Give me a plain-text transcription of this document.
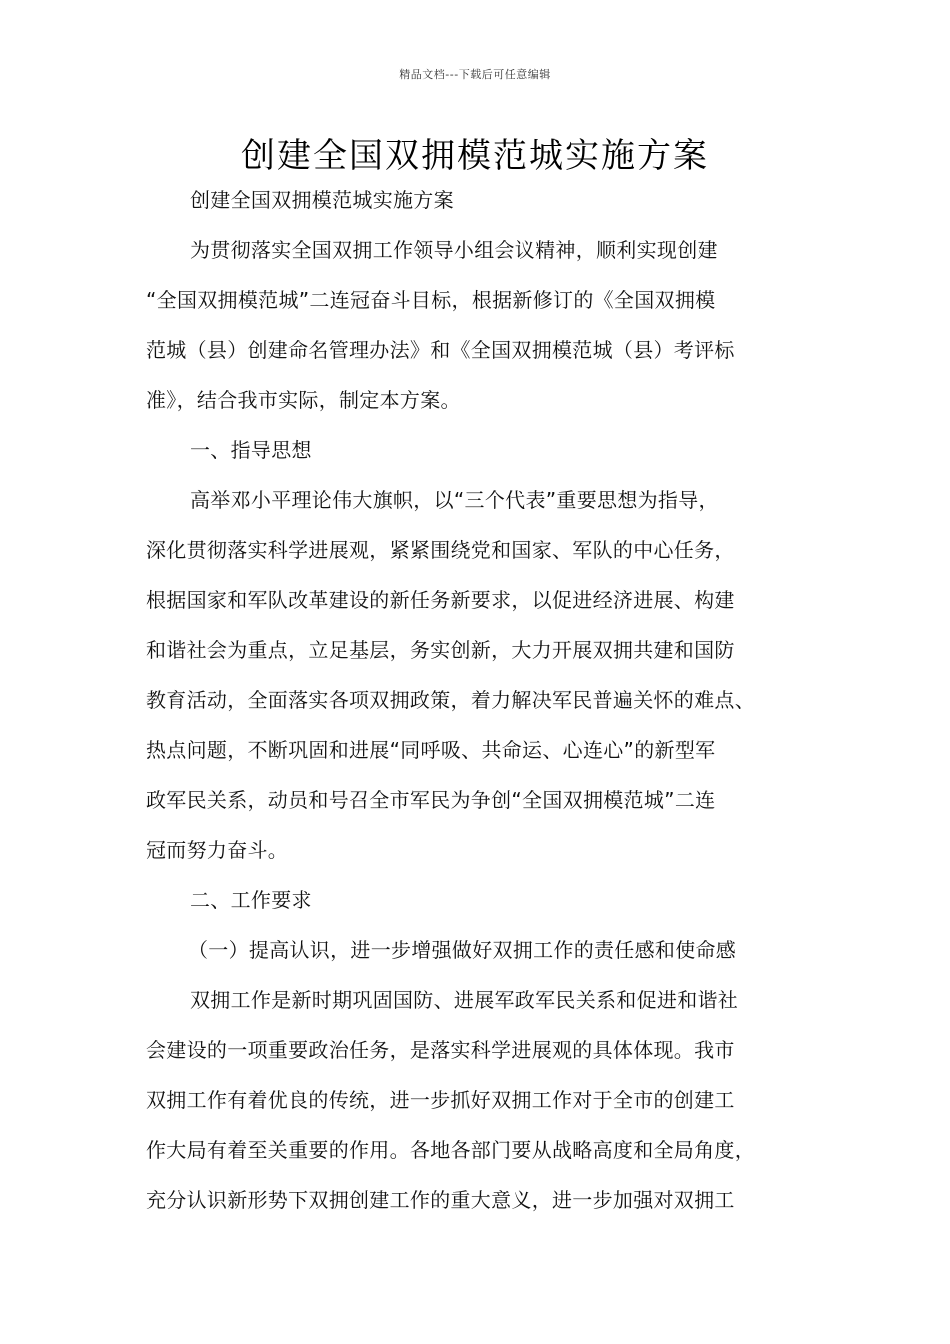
精品文档---下载后可任意编辑
创建全国双拥模范城实施方案
创建全国双拥模范城实施方案
为贯彻落实全国双拥工作领导小组会议精神，顺利实现创建
“全国双拥模范城”二连冠奋斗目标，根据新修订的《全国双拥模
范城（县）创建命名管理办法》和《全国双拥模范城（县）考评标
准》，结合我市实际，制定本方案。
一、指导思想
高举邓小平理论伟大旗帜，以“三个代表”重要思想为指导，
深化贯彻落实科学进展观，紧紧围绕党和国家、军队的中心任务，
根据国家和军队改革建设的新任务新要求，以促进经济进展、构建
和谐社会为重点，立足基层，务实创新，大力开展双拥共建和国防
教育活动，全面落实各项双拥政策，着力解决军民普遍关怀的难点、
热点问题，不断巩固和进展“同呼吸、共命运、心连心”的新型军
政军民关系，动员和号召全市军民为争创“全国双拥模范城”二连
冠而努力奋斗。
二、工作要求
（一）提高认识，进一步增强做好双拥工作的责任感和使命感
双拥工作是新时期巩固国防、进展军政军民关系和促进和谐社
会建设的一项重要政治任务，是落实科学进展观的具体体现。我市
双拥工作有着优良的传统，进一步抓好双拥工作对于全市的创建工
作大局有着至关重要的作用。各地各部门要从战略高度和全局角度，
充分认识新形势下双拥创建工作的重大意义，进一步加强对双拥工
